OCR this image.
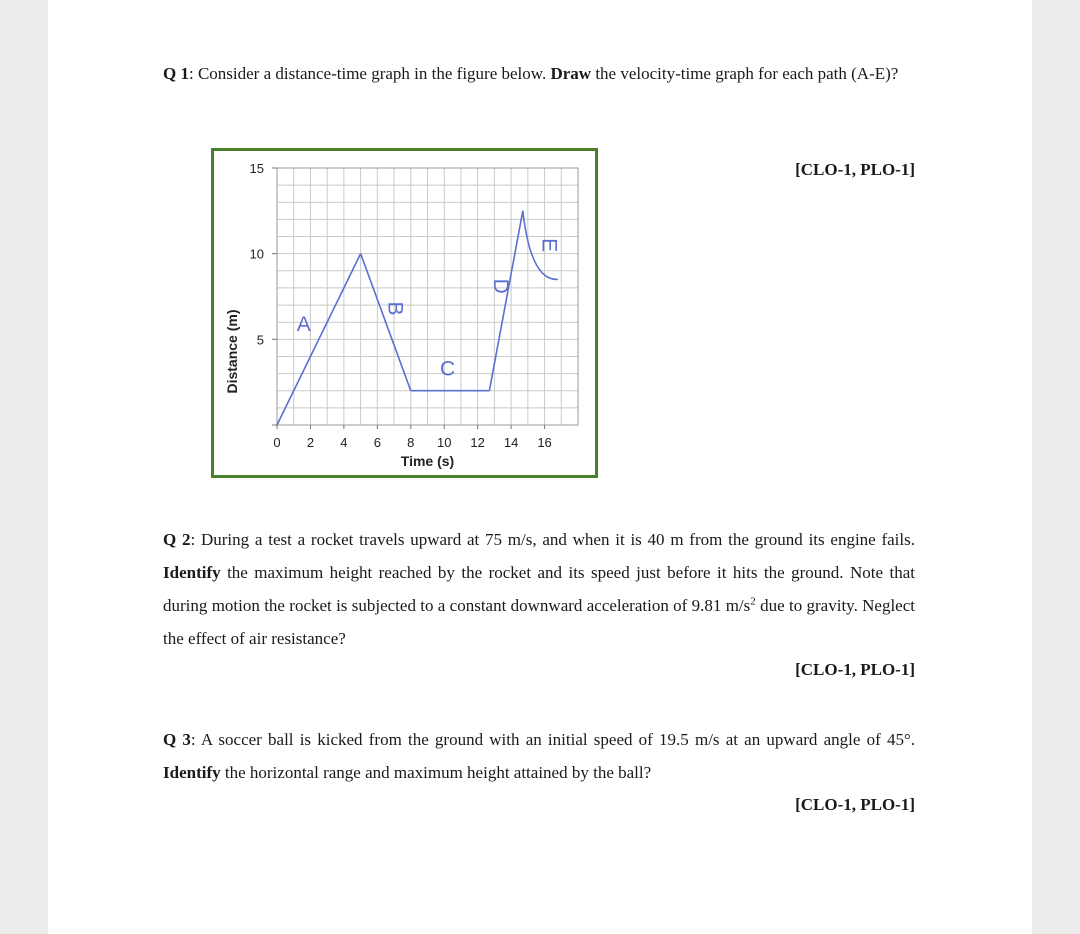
Q 1: Consider a distance-time graph in the figure below. Draw the velocity-time graph for each path (A-E)?
[CLO-1, PLO-1]
5
10
15
0 2 4 6 8 10 12 14 16
Time (s)
Distance (m)	A
B
C
D
E
Q 2: During a test a rocket travels upward at 75 m/s, and when it is 40 m from the ground its engine fails. Identify the maximum height reached by the rocket and its speed just before it hits the ground. Note that during motion the rocket is subjected to a constant downward acceleration of 9.81 $m/s^2$ due to gravity. Neglect the effect of air resistance?
[CLO-1, PLO-1]
Q 3: A soccer ball is kicked from the ground with an initial speed of 19.5 m/s at an upward angle of 45°. Identify the horizontal range and maximum height attained by the ball?
[CLO-1, PLO-1]
